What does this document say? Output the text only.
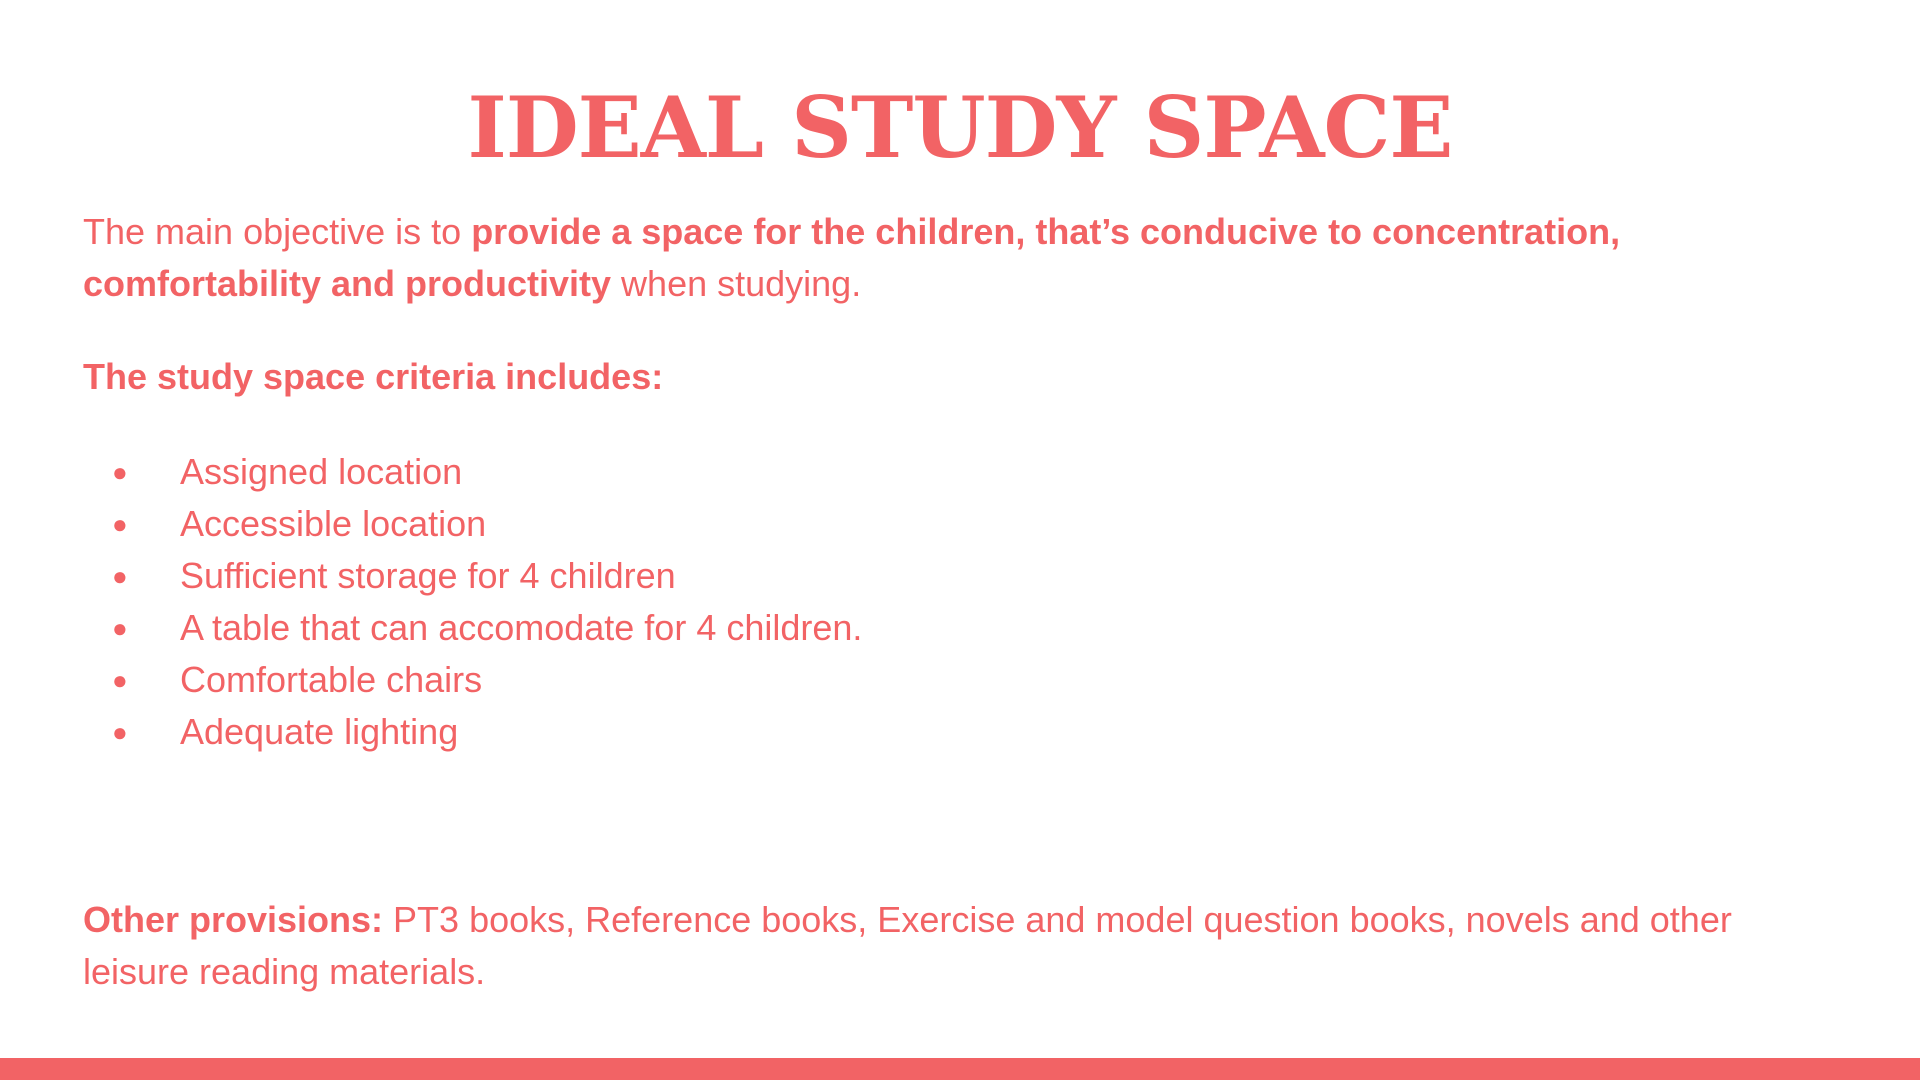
IDEAL STUDY SPACE

The main objective is to provide a space for the children, that’s conducive to concentration, comfortability and productivity when studying.

The study space criteria includes:

● Assigned location
● Accessible location
● Sufficient storage for 4 children
● A table that can accomodate for 4 children.
● Comfortable chairs
● Adequate lighting

Other provisions: PT3 books, Reference books, Exercise and model question books, novels and other leisure reading materials.
